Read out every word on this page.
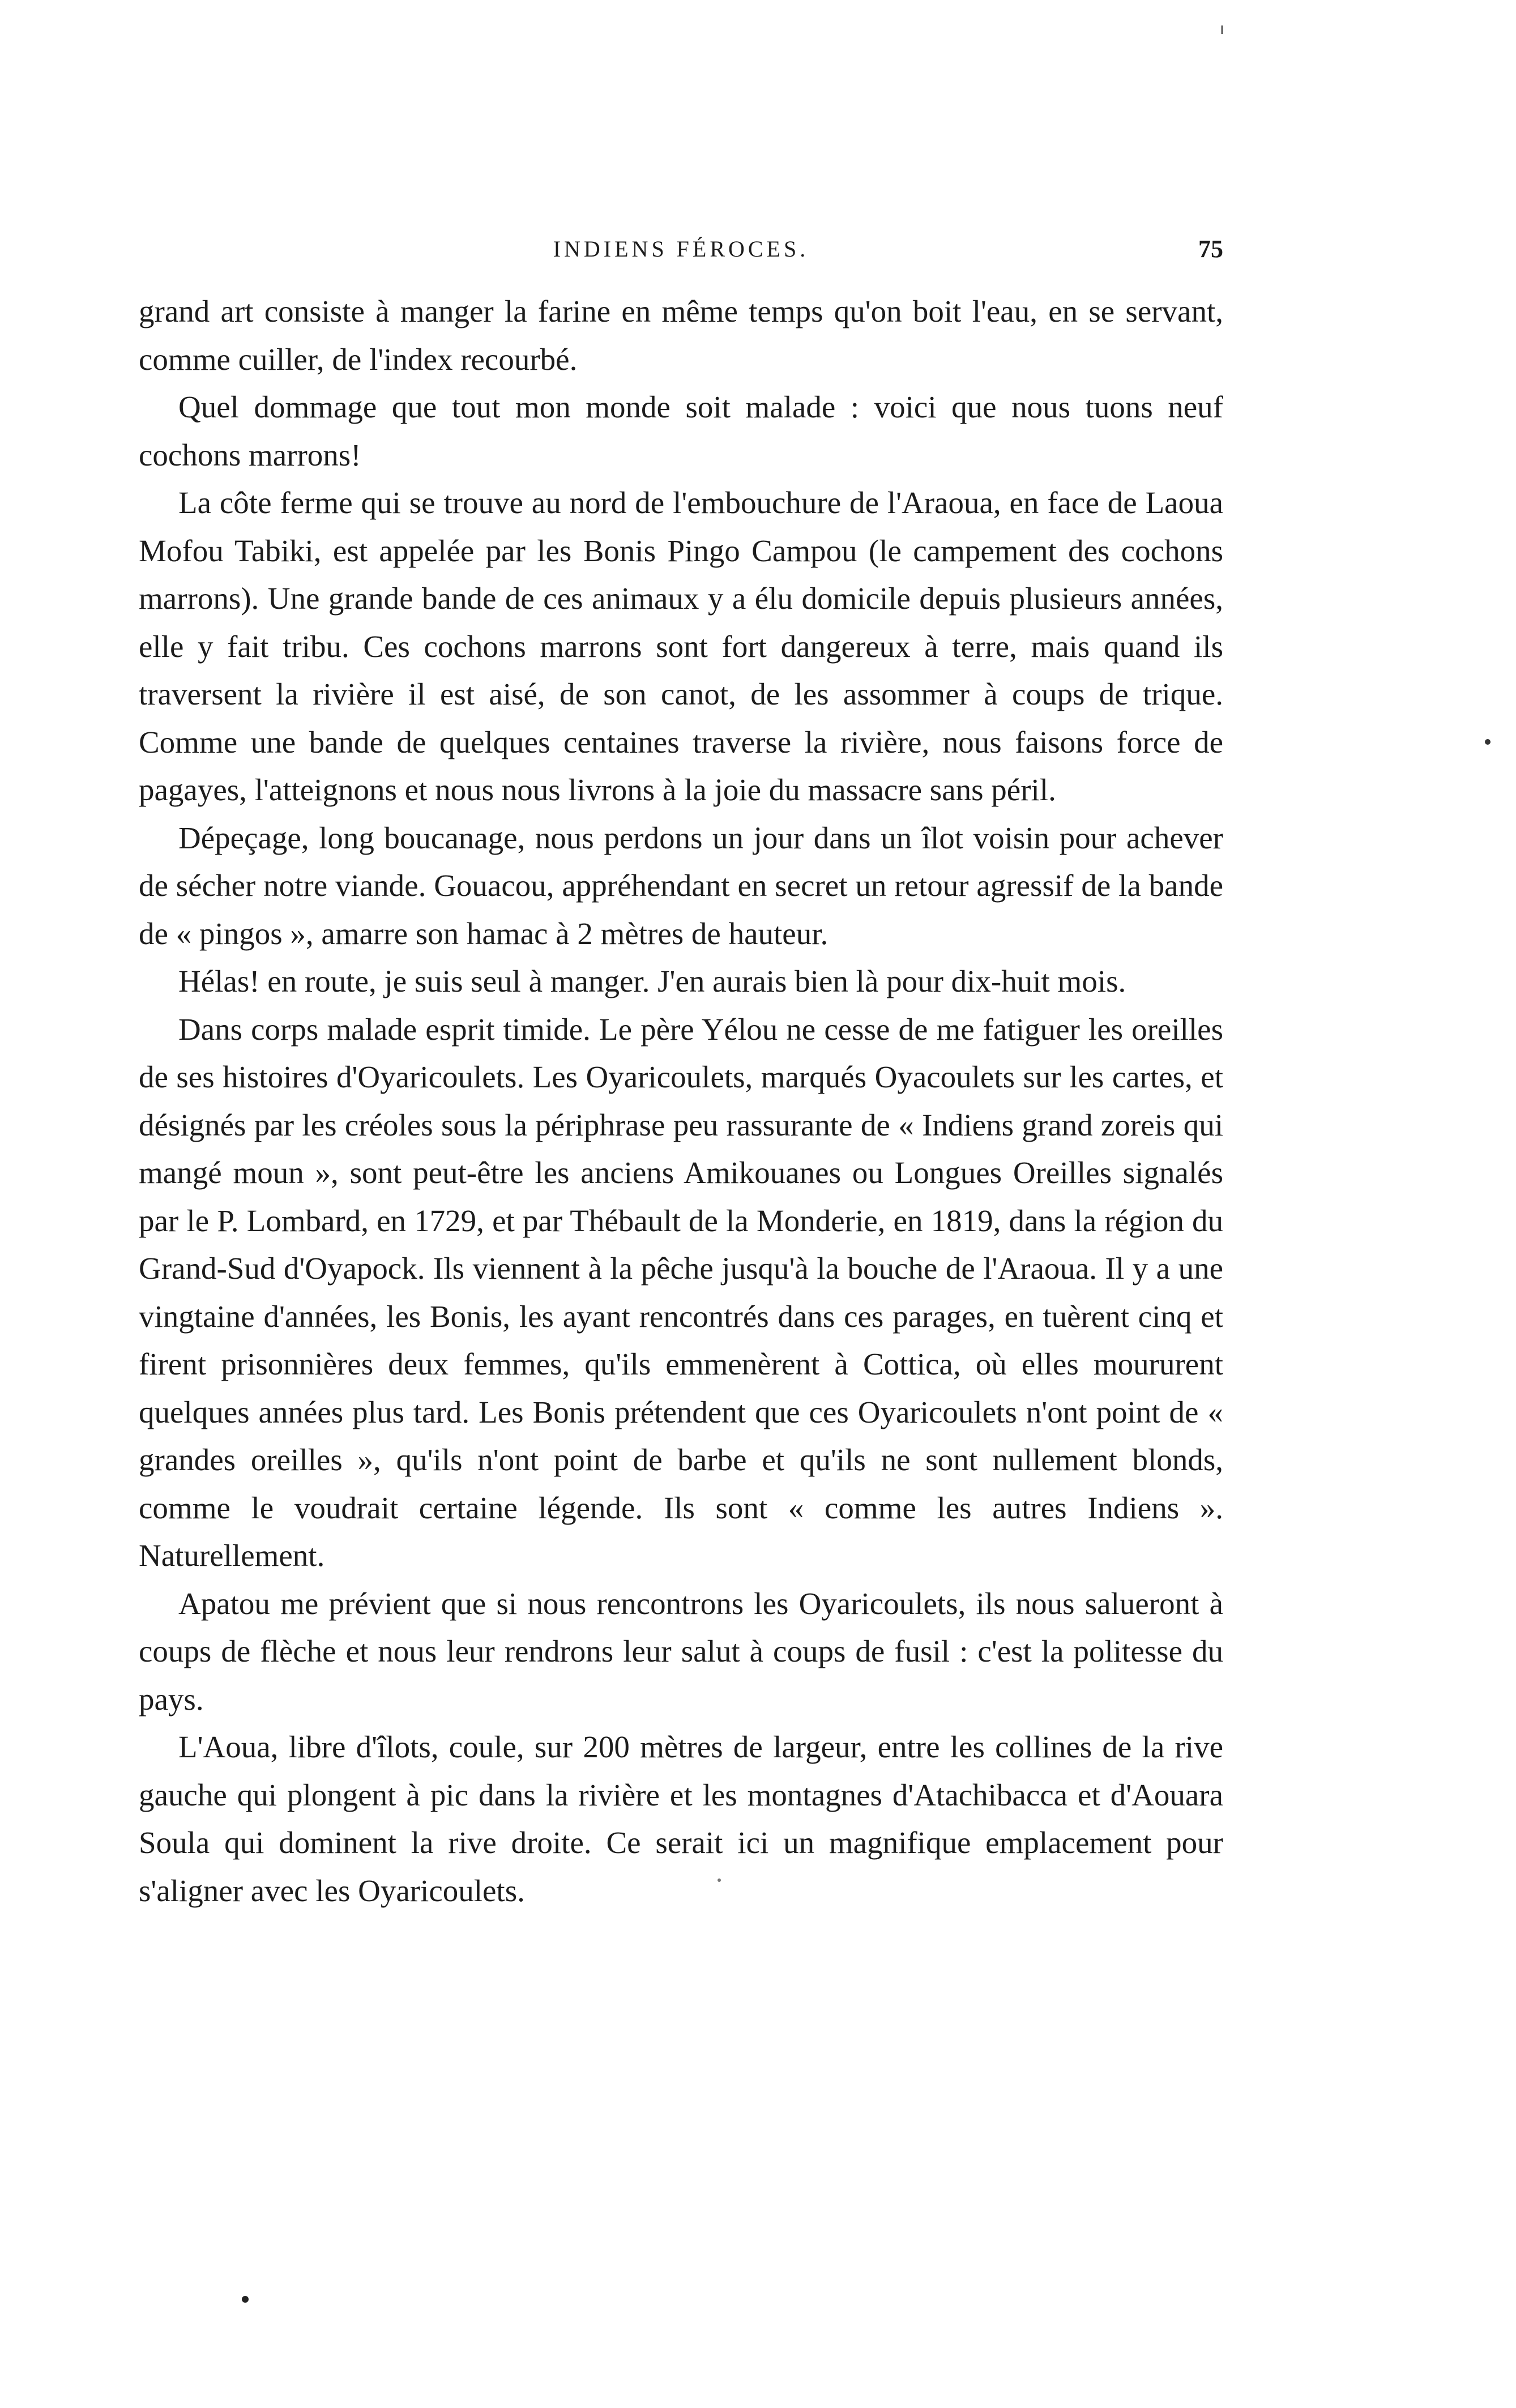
INDIENS FÉROCES.	75

grand art consiste à manger la farine en même temps qu'on boit l'eau, en se servant, comme cuiller, de l'index recourbé.

Quel dommage que tout mon monde soit malade : voici que nous tuons neuf cochons marrons!

La côte ferme qui se trouve au nord de l'embouchure de l'Araoua, en face de Laoua Mofou Tabiki, est appelée par les Bonis Pingo Campou (le campement des cochons marrons). Une grande bande de ces animaux y a élu domicile depuis plusieurs années, elle y fait tribu. Ces cochons marrons sont fort dangereux à terre, mais quand ils traversent la rivière il est aisé, de son canot, de les assommer à coups de trique. Comme une bande de quelques centaines traverse la rivière, nous faisons force de pagayes, l'atteignons et nous nous livrons à la joie du massacre sans péril.

Dépeçage, long boucanage, nous perdons un jour dans un îlot voisin pour achever de sécher notre viande. Gouacou, appréhendant en secret un retour agressif de la bande de « pingos », amarre son hamac à 2 mètres de hauteur.

Hélas! en route, je suis seul à manger. J'en aurais bien là pour dix-huit mois.

Dans corps malade esprit timide. Le père Yélou ne cesse de me fatiguer les oreilles de ses histoires d'Oyaricoulets. Les Oyaricoulets, marqués Oyacoulets sur les cartes, et désignés par les créoles sous la périphrase peu rassurante de « Indiens grand zoreis qui mangé moun », sont peut-être les anciens Amikouanes ou Longues Oreilles signalés par le P. Lombard, en 1729, et par Thébault de la Monderie, en 1819, dans la région du Grand-Sud d'Oyapock. Ils viennent à la pêche jusqu'à la bouche de l'Araoua. Il y a une vingtaine d'années, les Bonis, les ayant rencontrés dans ces parages, en tuèrent cinq et firent prisonnières deux femmes, qu'ils emmenèrent à Cottica, où elles moururent quelques années plus tard. Les Bonis prétendent que ces Oyaricoulets n'ont point de « grandes oreilles », qu'ils n'ont point de barbe et qu'ils ne sont nullement blonds, comme le voudrait certaine légende. Ils sont « comme les autres Indiens ». Naturellement.

Apatou me prévient que si nous rencontrons les Oyaricoulets, ils nous salueront à coups de flèche et nous leur rendrons leur salut à coups de fusil : c'est la politesse du pays.

L'Aoua, libre d'îlots, coule, sur 200 mètres de largeur, entre les collines de la rive gauche qui plongent à pic dans la rivière et les montagnes d'Atachibacca et d'Aouara Soula qui dominent la rive droite. Ce serait ici un magnifique emplacement pour s'aligner avec les Oyaricoulets.
